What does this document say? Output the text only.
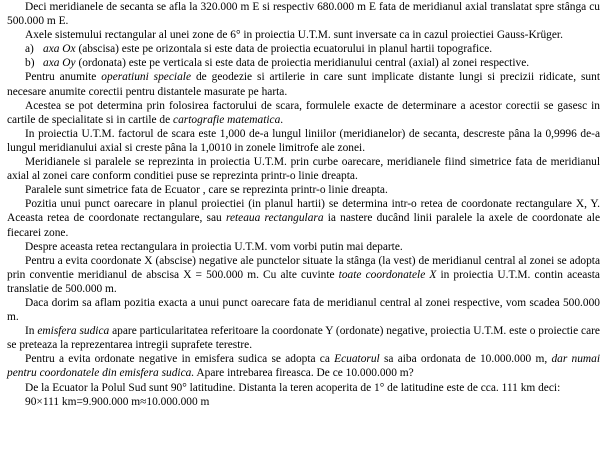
Deci meridianele de secanta se afla la 320.000 m E si respectiv 680.000 m E fata de meridianul axial translatat spre stânga cu 500.000 m E.

Axele sistemului rectangular al unei zone de 6° in proiectia U.T.M. sunt inversate ca in cazul proiectiei Gauss-Krüger.

a) axa Ox (abscisa) este pe orizontala si este data de proiectia ecuatorului in planul hartii topografice.
b) axa Oy (ordonata) este pe verticala si este data de proiectia meridianului central (axial) al zonei respective.

Pentru anumite operatiuni speciale de geodezie si artilerie in care sunt implicate distante lungi si precizii ridicate, sunt necesare anumite corectii pentru distantele masurate pe harta.

Acestea se pot determina prin folosirea factorului de scara, formulele exacte de determinare a acestor corectii se gasesc in cartile de specialitate si in cartile de cartografie matematica.

In proiectia U.T.M. factorul de scara este 1,000 de-a lungul liniilor (meridianelor) de secanta, descreste pâna la 0,9996 de-a lungul meridianului axial si creste pâna la 1,0010 in zonele limitrofe ale zonei.

Meridianele si paralele se reprezinta in proiectia U.T.M. prin curbe oarecare, meridianele fiind simetrice fata de meridianul axial al zonei care conform conditiei puse se reprezinta printr-o linie dreapta.

Paralele sunt simetrice fata de Ecuator , care se reprezinta printr-o linie dreapta.

Pozitia unui punct oarecare in planul proiectiei (in planul hartii) se determina intr-o retea de coordonate rectangulare X, Y. Aceasta retea de coordonate rectangulare, sau reteaua rectangulara ia nastere ducând linii paralele la axele de coordonate ale fiecarei zone.

Despre aceasta retea rectangulara in proiectia U.T.M. vom vorbi putin mai departe.

Pentru a evita coordonate X (abscise) negative ale punctelor situate la stânga (la vest) de meridianul central al zonei se adopta prin conventie meridianul de abscisa X = 500.000 m. Cu alte cuvinte toate coordonatele X in proiectia U.T.M. contin aceasta translatie de 500.000 m.

Daca dorim sa aflam pozitia exacta a unui punct oarecare fata de meridianul central al zonei respective, vom scadea 500.000 m.

In emisfera sudica apare particularitatea referitoare la coordonate Y (ordonate) negative, proiectia U.T.M. este o proiectie care se preteaza la reprezentarea intregii suprafete terestre.

Pentru a evita ordonate negative in emisfera sudica se adopta ca Ecuatorul sa aiba ordonata de 10.000.000 m, dar numai pentru coordonatele din emisfera sudica. Apare intrebarea fireasca. De ce 10.000.000 m?

De la Ecuator la Polul Sud sunt 90° latitudine. Distanta la teren acoperita de 1° de latitudine este de cca. 111 km deci:

90×111 km=9.900.000 m≈10.000.000 m
